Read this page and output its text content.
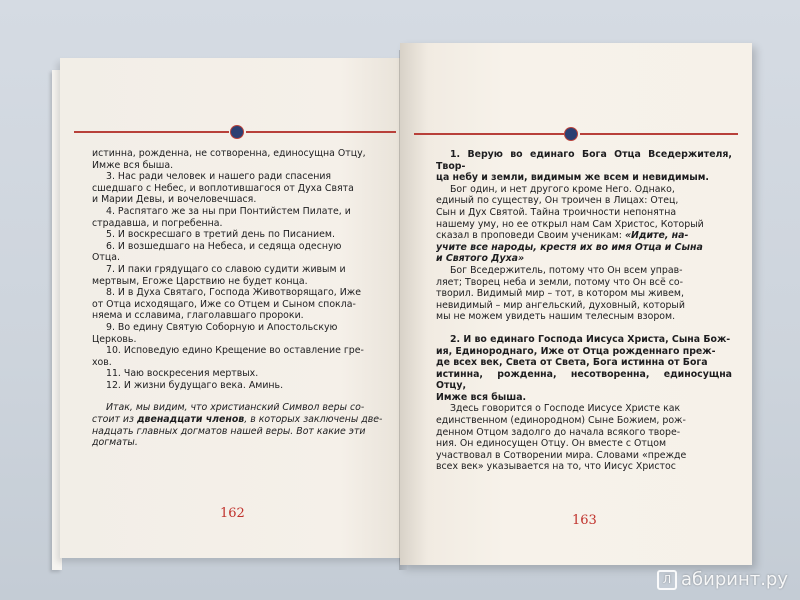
истинна, рожденна, не сотворенна, единосущна Отцу,

Имже вся быша.

3. Нас ради человек и нашего ради спасения

сшедшаго с Небес, и воплотившагося от Духа Свята

и Марии Девы, и вочеловечшася.

4. Распятаго же за ны при Понтийстем Пилате, и

страдавша, и погребенна.

5. И воскресшаго в третий день по Писанием.

6. И возшедшаго на Небеса, и седяща одесную

Отца.

7. И паки грядущаго со славою судити живым и

мертвым, Егоже Царствию не будет конца.

8. И в Духа Святаго, Господа Животворящаго, Иже

от Отца исходящаго, Иже со Отцем и Сыном спокла-

няема и сславима, глаголавшаго пророки.

9. Во едину Святую Соборную и Апостольскую

Церковь.

10. Исповедую едино Крещение во оставление гре-

хов.

11. Чаю воскресения мертвых.

12. И жизни будущаго века. Аминь.

Итак, мы видим, что христианский Символ веры со-

стоит из двенадцати членов, в которых заключены две-

надцать главных догматов нашей веры. Вот какие эти

догматы.

162

1. Верую во единаго Бога Отца Вседержителя, Твор-

ца небу и земли, видимым же всем и невидимым.

Бог один, и нет другого кроме Него. Однако,

единый по существу, Он троичен в Лицах: Отец,

Сын и Дух Святой. Тайна троичности непонятна

нашему уму, но ее открыл нам Сам Христос, Который

сказал в проповеди Своим ученикам: «Идите, на-

учите все народы, крестя их во имя Отца и Сына

и Святого Духа»

Бог Вседержитель, потому что Он всем управ-

ляет; Творец неба и земли, потому что Он всё со-

творил. Видимый мир – тот, в котором мы живем,

невидимый – мир ангельский, духовный, который

мы не можем увидеть нашим телесным взором.

2. И во единаго Господа Иисуса Христа, Сына Бож-

ия, Единороднаго, Иже от Отца рожденнаго преж-

де всех век, Света от Света, Бога истинна от Бога

истинна, рожденна, несотворенна, единосущна Отцу,

Имже вся быша.

Здесь говорится о Господе Иисусе Христе как

единственном (единородном) Сыне Божием, рож-

денном Отцом задолго до начала всякого творе-

ния. Он единосущен Отцу. Он вместе с Отцом

участвовал в Сотворении мира. Словами «прежде

всех век» указывается на то, что Иисус Христос

163
Л абиринт.ру
